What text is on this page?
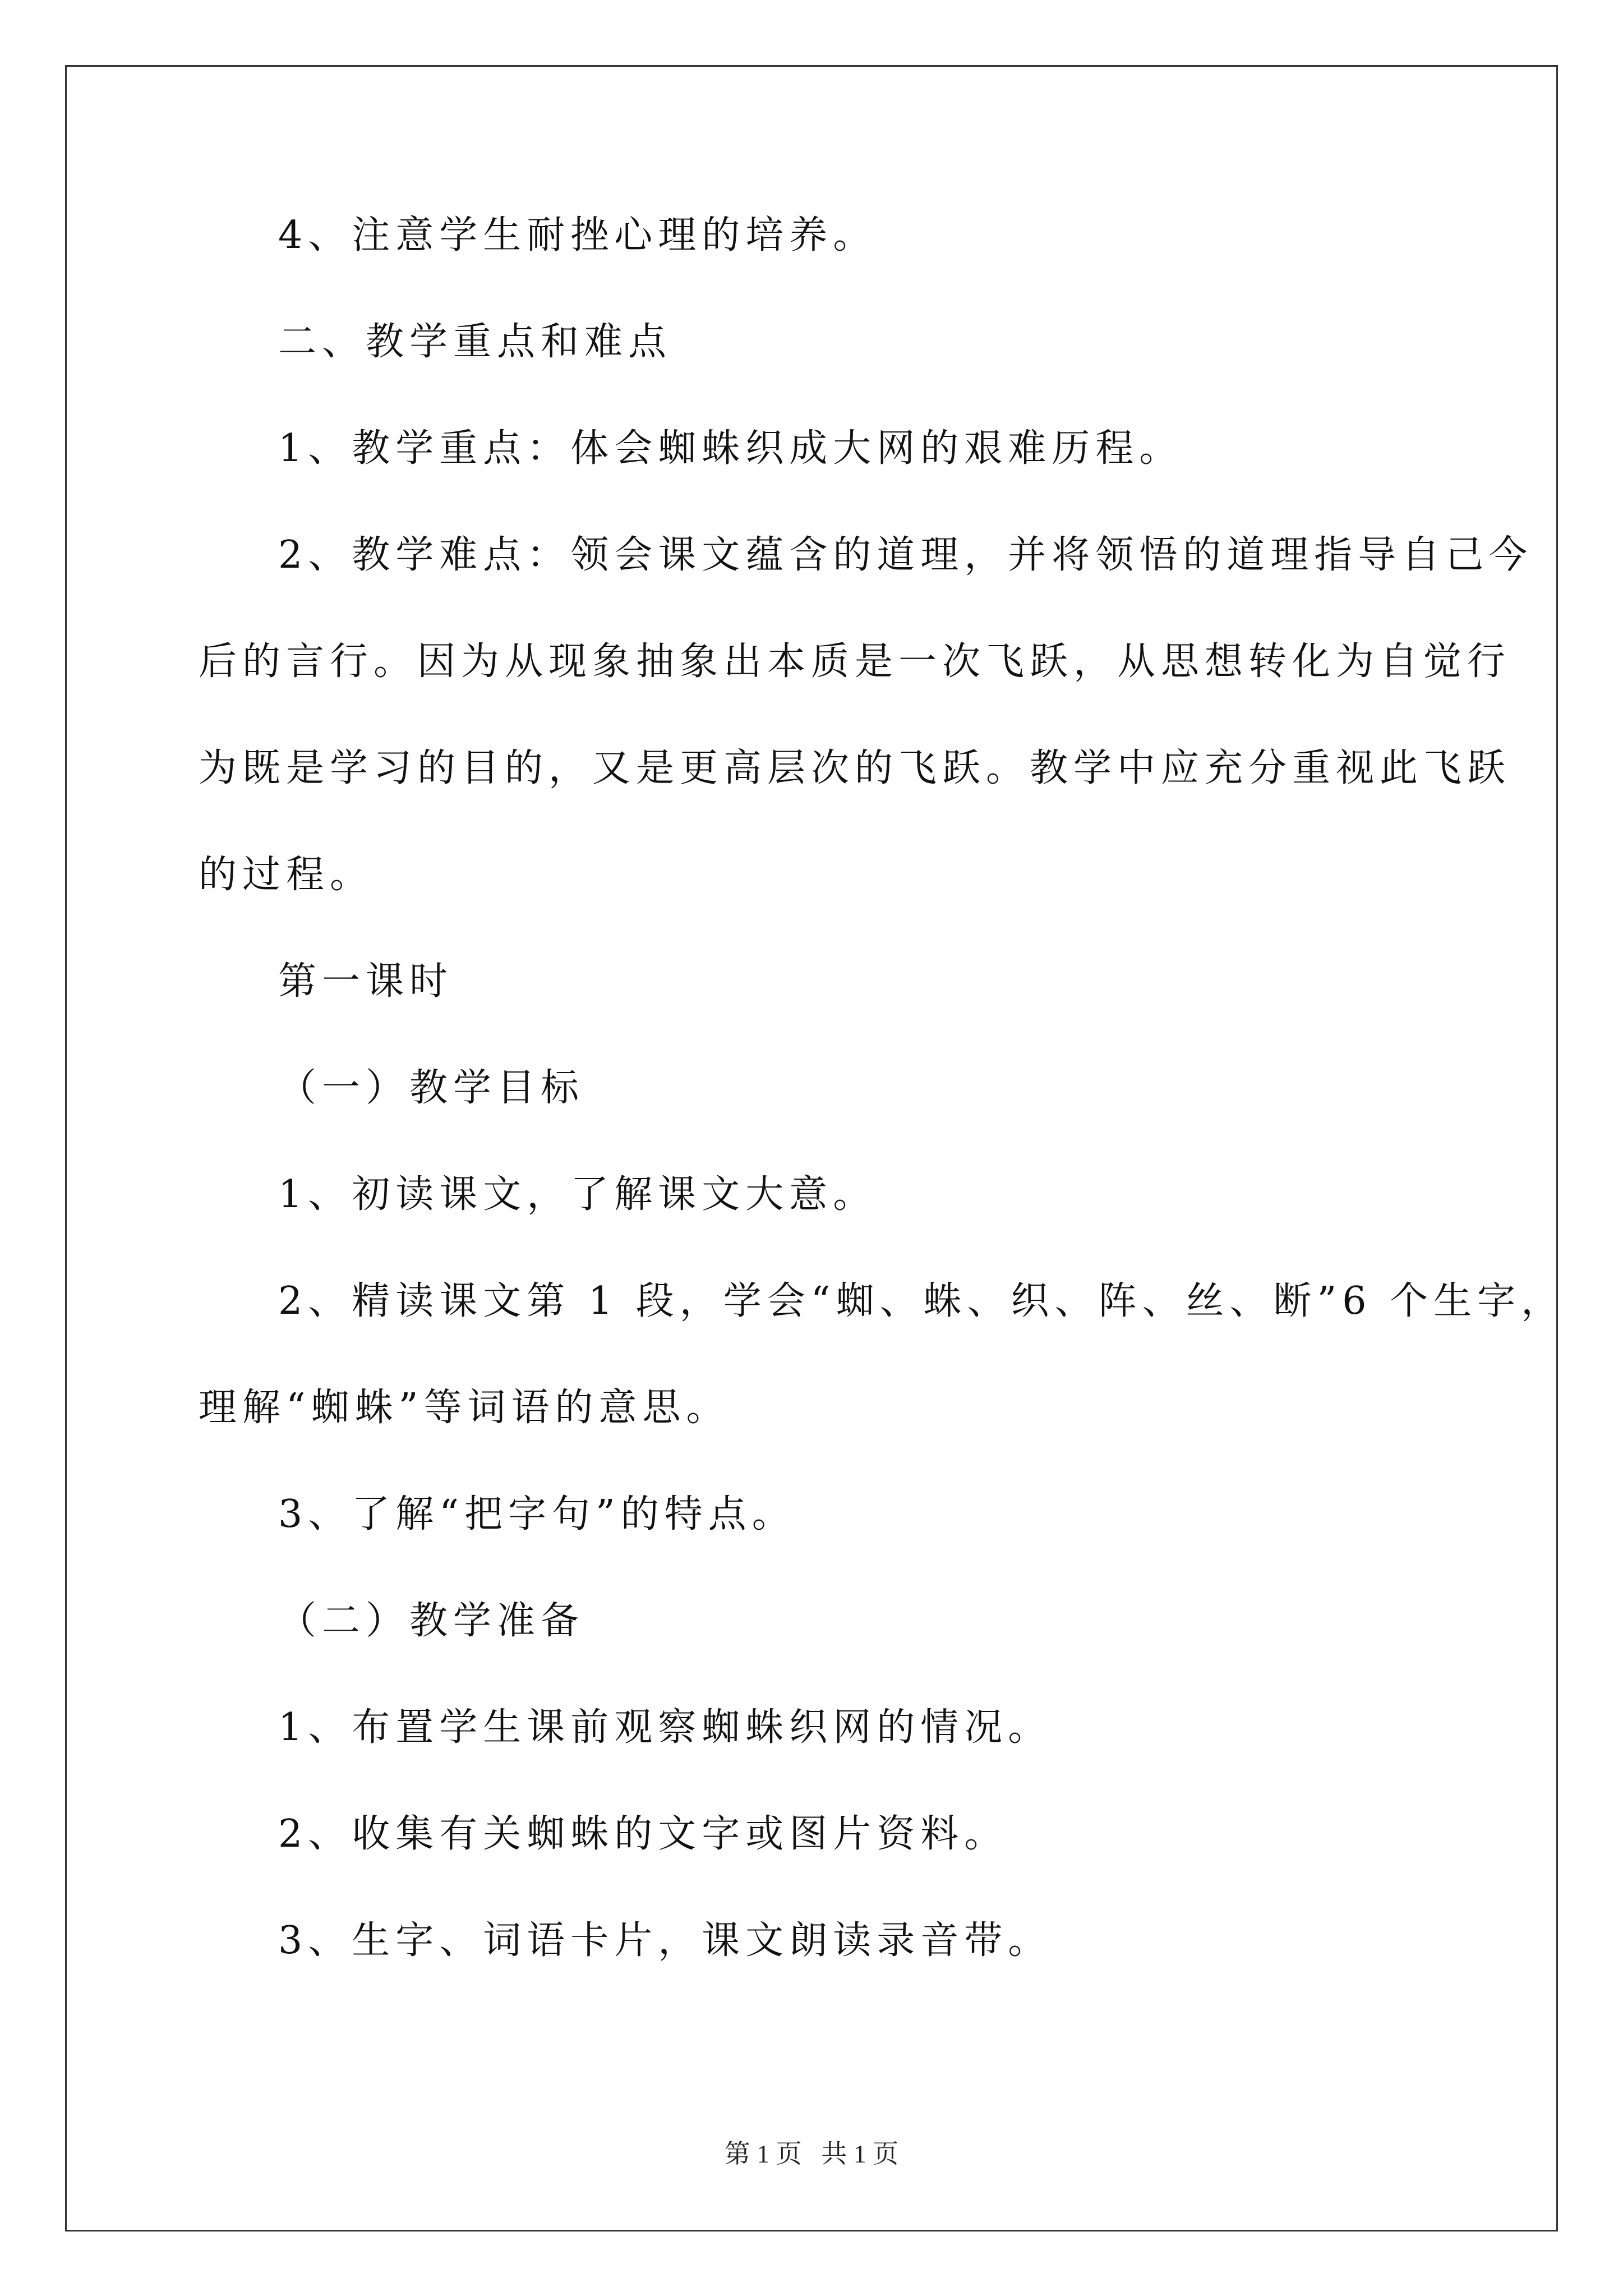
4、注意学生耐挫心理的培养。
二、教学重点和难点
1、教学重点：体会蜘蛛织成大网的艰难历程。
2、教学难点：领会课文蕴含的道理，并将领悟的道理指导自己今
后的言行。因为从现象抽象出本质是一次飞跃，从思想转化为自觉行
为既是学习的目的，又是更高层次的飞跃。教学中应充分重视此飞跃
的过程。
第一课时
（一）教学目标
1、初读课文，了解课文大意。
2、精读课文第 1 段，学会“蜘、蛛、织、阵、丝、断”6 个生字，
理解“蜘蛛”等词语的意思。
3、了解“把字句”的特点。
（二）教学准备
1、布置学生课前观察蜘蛛织网的情况。
2、收集有关蜘蛛的文字或图片资料。
3、生字、词语卡片，课文朗读录音带。
第 1 页   共 1 页
